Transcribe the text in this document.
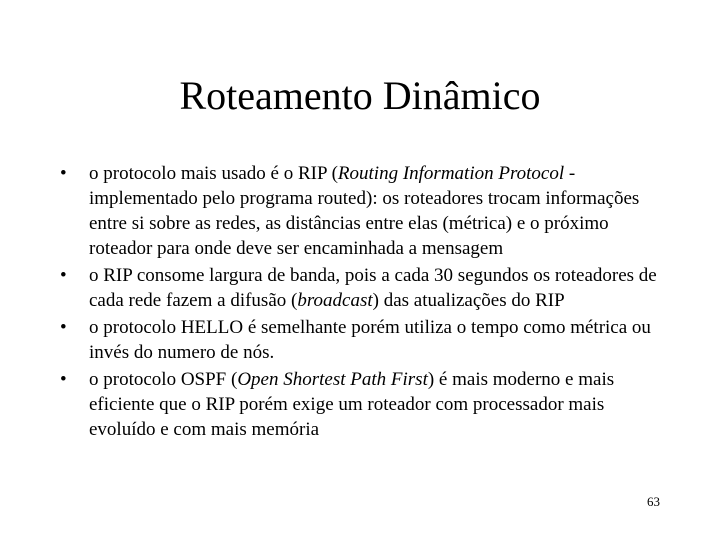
Roteamento Dinâmico
• o protocolo mais usado é o RIP (Routing Information Protocol - implementado pelo programa routed): os roteadores trocam informações entre si sobre as redes, as distâncias entre elas (métrica) e o próximo roteador para onde deve ser encaminhada a mensagem
• o RIP consome largura de banda, pois a cada 30 segundos os roteadores de cada rede fazem a difusão (broadcast) das atualizações do RIP
• o protocolo HELLO é semelhante porém utiliza o tempo como métrica ou invés do numero de nós.
• o protocolo OSPF (Open Shortest Path First) é mais moderno e mais eficiente que o RIP porém exige um roteador com processador mais evoluído e com mais memória
63
